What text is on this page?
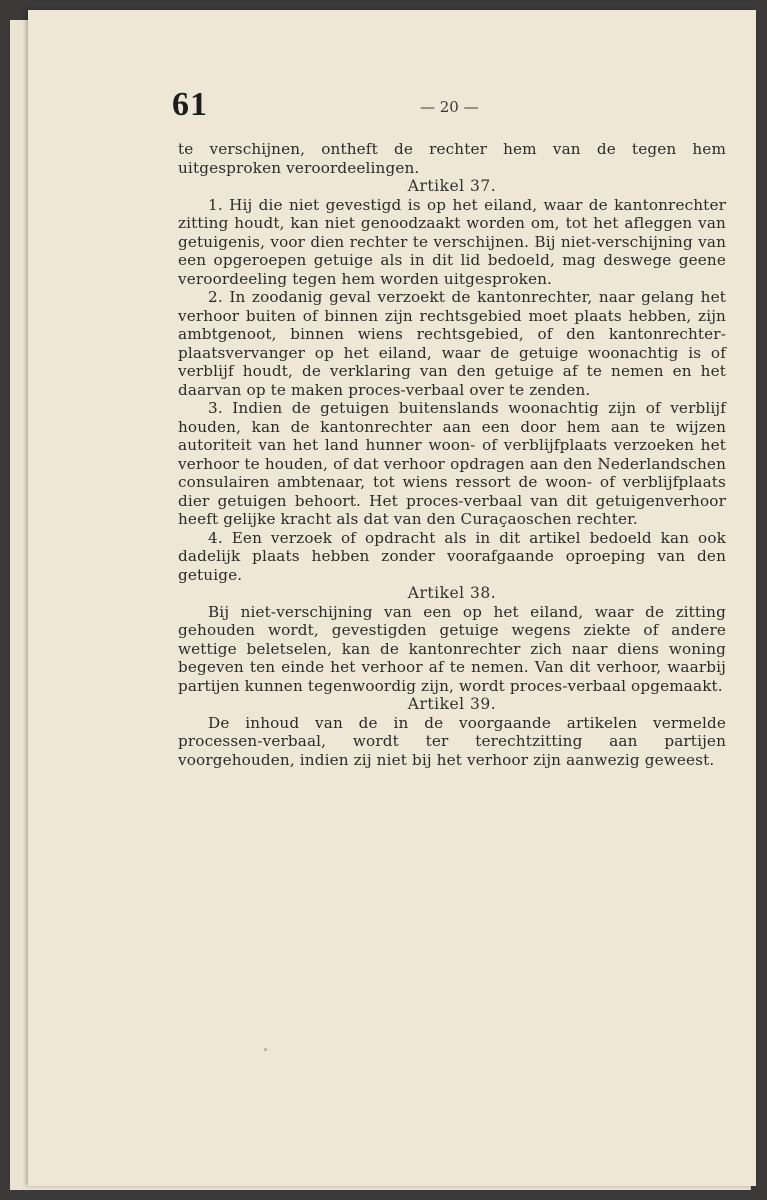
61	— 20 —

te verschijnen, ontheft de rechter hem van de tegen hem uitgesproken veroordeelingen.

Artikel 37.

1. Hij die niet gevestigd is op het eiland, waar de kantonrechter zitting houdt, kan niet genoodzaakt worden om, tot het afleggen van getuigenis, voor dien rechter te verschijnen. Bij niet-verschijning van een opgeroepen getuige als in dit lid bedoeld, mag deswege geene veroordeeling tegen hem worden uitgesproken.

2. In zoodanig geval verzoekt de kantonrechter, naar gelang het verhoor buiten of binnen zijn rechtsgebied moet plaats hebben, zijn ambtgenoot, binnen wiens rechtsgebied, of den kantonrechter-plaatsvervanger op het eiland, waar de getuige woonachtig is of verblijf houdt, de verklaring van den getuige af te nemen en het daarvan op te maken proces-verbaal over te zenden.

3. Indien de getuigen buitenslands woonachtig zijn of verblijf houden, kan de kantonrechter aan een door hem aan te wijzen autoriteit van het land hunner woon- of verblijfplaats verzoeken het verhoor te houden, of dat verhoor opdragen aan den Nederlandschen consulairen ambtenaar, tot wiens ressort de woon- of verblijfplaats dier getuigen behoort. Het proces-verbaal van dit getuigenverhoor heeft gelijke kracht als dat van den Curaçaoschen rechter.

4. Een verzoek of opdracht als in dit artikel bedoeld kan ook dadelijk plaats hebben zonder voorafgaande oproeping van den getuige.

Artikel 38.

Bij niet-verschijning van een op het eiland, waar de zitting gehouden wordt, gevestigden getuige wegens ziekte of andere wettige beletselen, kan de kantonrechter zich naar diens woning begeven ten einde het verhoor af te nemen. Van dit verhoor, waarbij partijen kunnen tegenwoordig zijn, wordt proces-verbaal opgemaakt.

Artikel 39.

De inhoud van de in de voorgaande artikelen vermelde processen-verbaal, wordt ter terechtzitting aan partijen voorgehouden, indien zij niet bij het verhoor zijn aanwezig geweest.
